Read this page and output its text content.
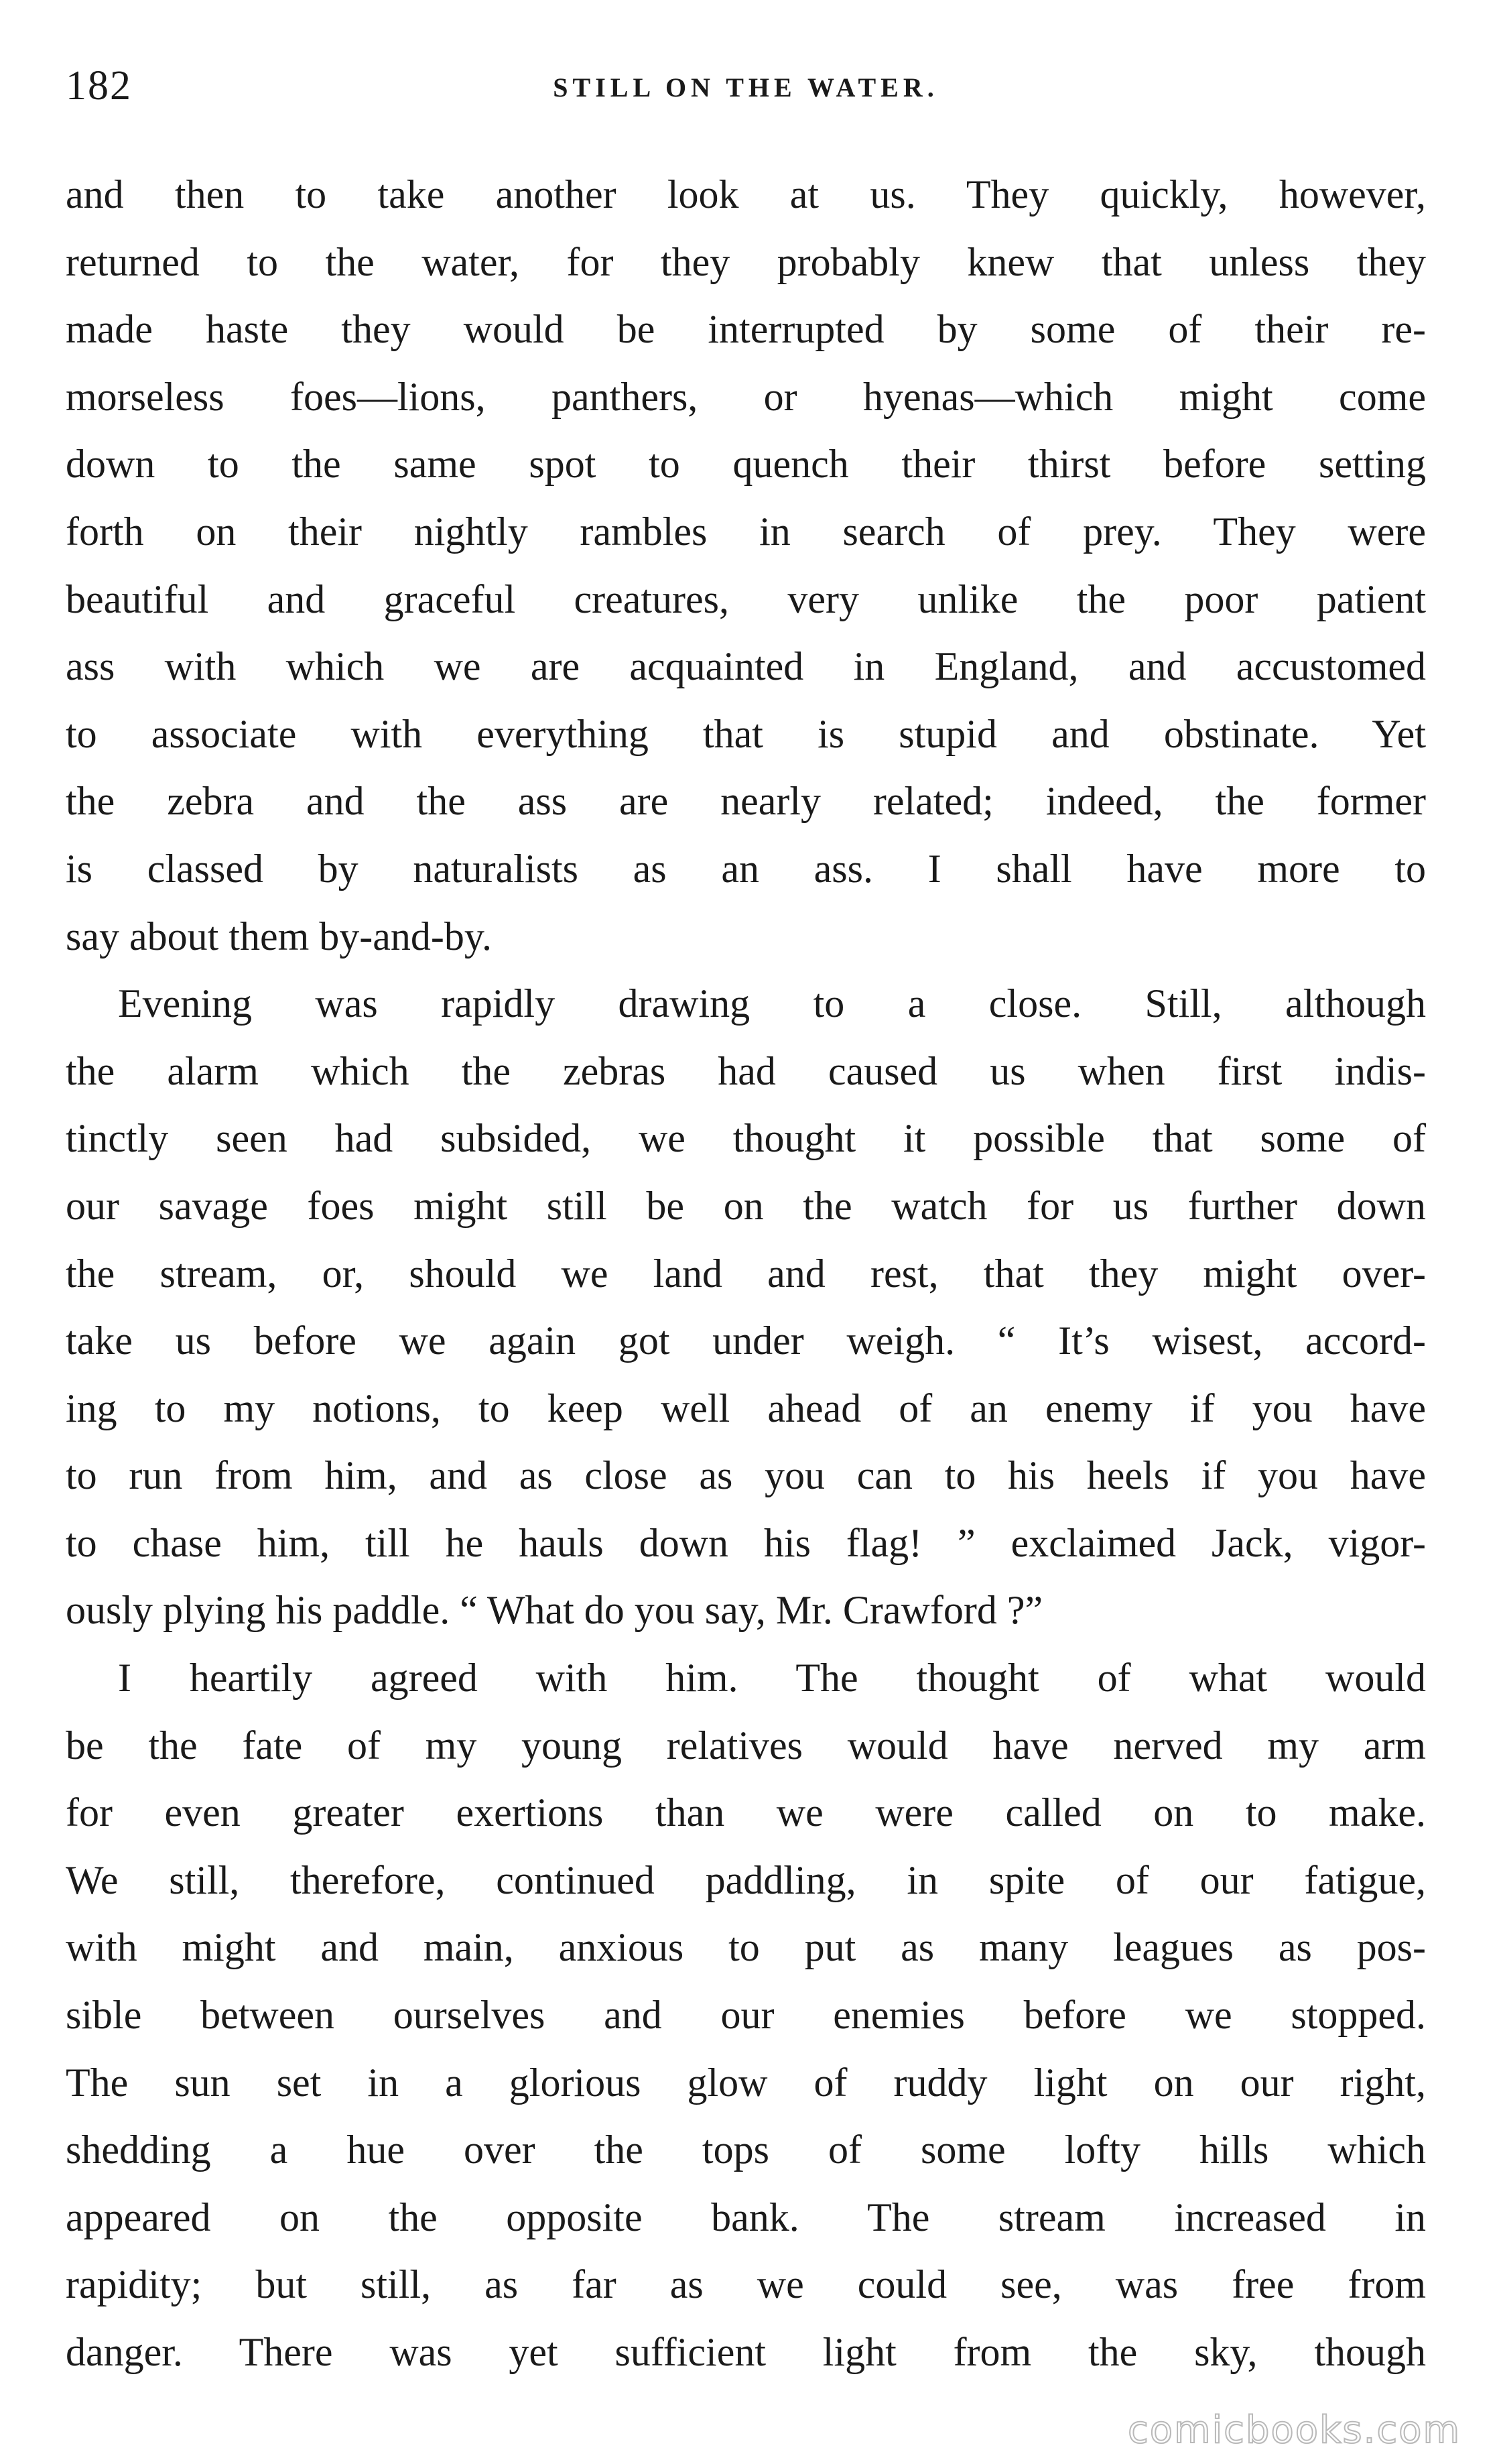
182	STILL ON THE WATER.
and then to take another look at us. They quickly, however,
returned to the water, for they probably knew that unless they
made haste they would be interrupted by some of their re-
morseless foes—lions, panthers, or hyenas—which might come
down to the same spot to quench their thirst before setting
forth on their nightly rambles in search of prey. They were
beautiful and graceful creatures, very unlike the poor patient
ass with which we are acquainted in England, and accustomed
to associate with everything that is stupid and obstinate. Yet
the zebra and the ass are nearly related; indeed, the former
is classed by naturalists as an ass. I shall have more to
say about them by-and-by.
Evening was rapidly drawing to a close. Still, although
the alarm which the zebras had caused us when first indis-
tinctly seen had subsided, we thought it possible that some of
our savage foes might still be on the watch for us further down
the stream, or, should we land and rest, that they might over-
take us before we again got under weigh. “ It’s wisest, accord-
ing to my notions, to keep well ahead of an enemy if you have
to run from him, and as close as you can to his heels if you have
to chase him, till he hauls down his flag! ” exclaimed Jack, vigor-
ously plying his paddle. “ What do you say, Mr. Crawford ?”
I heartily agreed with him. The thought of what would
be the fate of my young relatives would have nerved my arm
for even greater exertions than we were called on to make.
We still, therefore, continued paddling, in spite of our fatigue,
with might and main, anxious to put as many leagues as pos-
sible between ourselves and our enemies before we stopped.
The sun set in a glorious glow of ruddy light on our right,
shedding a hue over the tops of some lofty hills which
appeared on the opposite bank. The stream increased in
rapidity; but still, as far as we could see, was free from
danger. There was yet sufficient light from the sky, though
comicbooks.com
